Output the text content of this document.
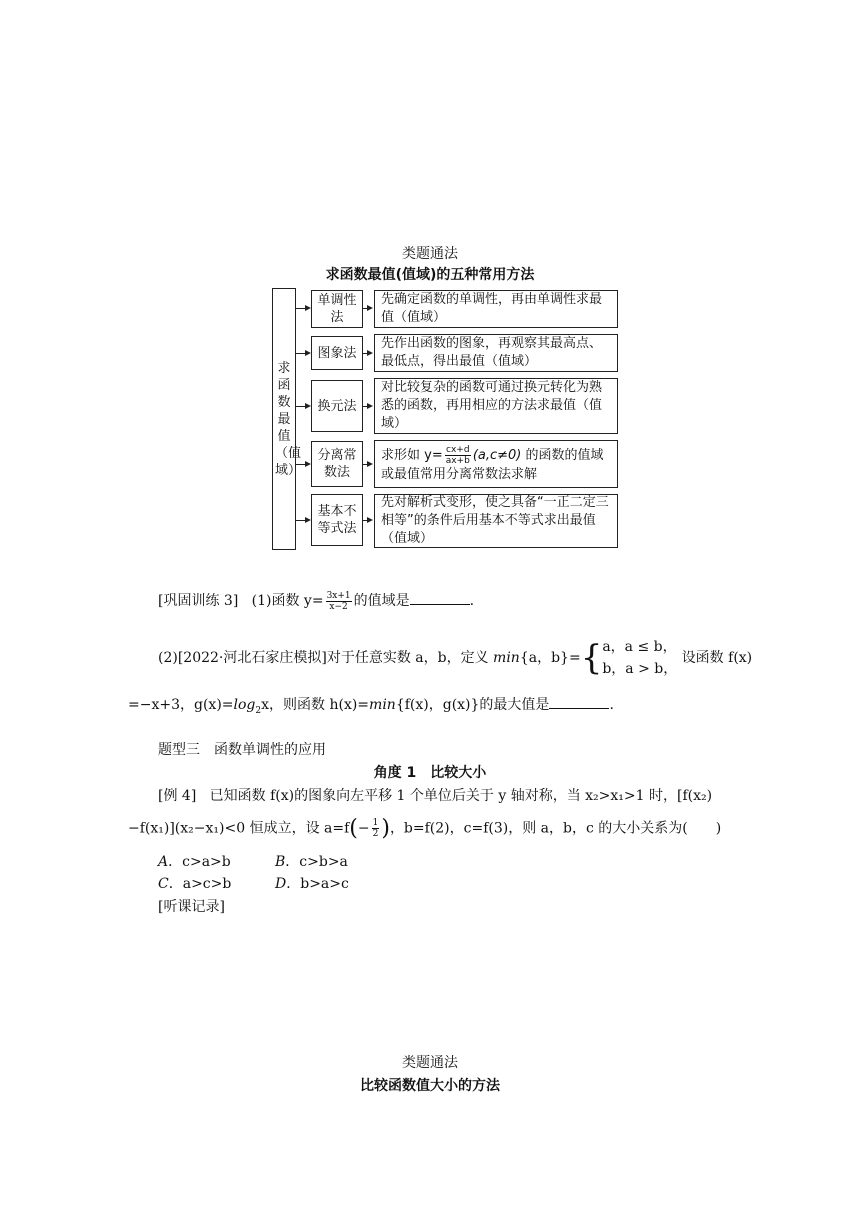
类题通法
求函数最值(值域)的五种常用方法
求函数最值（值域）
单调性法
先确定函数的单调性，再由单调性求最值（值域）
图象法
先作出函数的图象，再观察其最高点、最低点，得出最值（值域）
换元法
对比较复杂的函数可通过换元转化为熟悉的函数，再用相应的方法求最值（值域）
分离常数法
求形如 $y= \frac{cx+d}{ax+b} (a,c\ne 0)$ 的函数的值域或最值常用分离常数法求解
基本不等式法
先对解析式变形，使之具备“一正二定三相等”的条件后用基本不等式求出最值（值域）
[巩固训练 3] (1)函数 $y= \frac{3x+1}{x-2}$ 的值域是	.
(2)[2022·河北石家庄模拟]对于任意实数 a，b，定义 min{a，b}={ a，a ≤ b，
b，a > b，
设函数 f(x)
=−x+3，$g(x)=\log_2x$，则函数 h(x)=min{f(x)，g(x)}的最大值是	.
题型三　函数单调性的应用
角度 1　比较大小
[例 4] 已知函数 f(x)的图象向左平移 1 个单位后关于 y 轴对称，当 x₂>x₁>1 时，[f(x₂)
−f(x₁)](x₂−x₁)<0 恒成立，设 $a=f(- \frac{1}{2}$ )，b=f(2)，c=f(3)，则 a，b，c 的大小关系为(　　)
A．c>a>b	B．c>b>a
C．a>c>b	D．b>a>c
[听课记录]
类题通法
比较函数值大小的方法
